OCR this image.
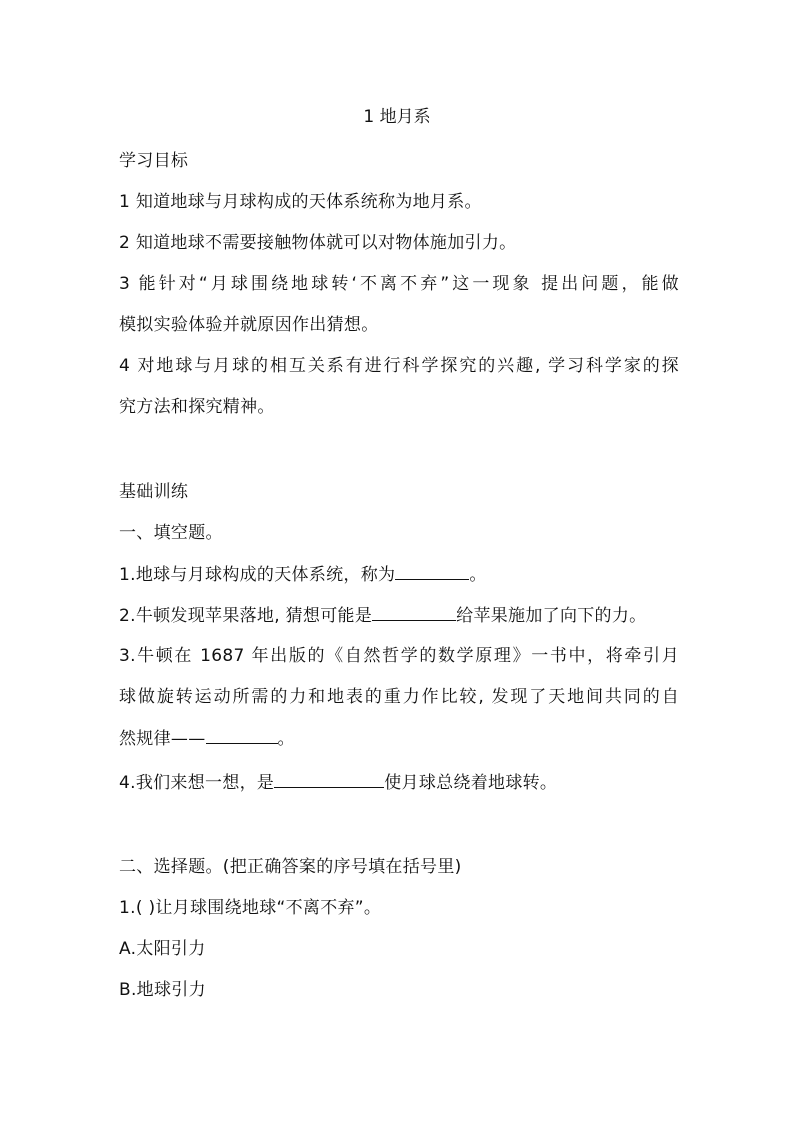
1 地月系
学习目标
1 知道地球与月球构成的天体系统称为地月系。
2 知道地球不需要接触物体就可以对物体施加引力。
3 能针对“月球围绕地球转‘不离不弃”这一现象 提出问题，能做
模拟实验体验并就原因作出猜想。
4 对地球与月球的相互关系有进行科学探究的兴趣, 学习科学家的探
究方法和探究精神。
基础训练
一、填空题。
1.地球与月球构成的天体系统，称为	。
2.牛顿发现苹果落地, 猜想可能是	给苹果施加了向下的力。
3.牛顿在 1687 年出版的《自然哲学的数学原理》一书中，将牵引月
球做旋转运动所需的力和地表的重力作比较, 发现了天地间共同的自
然规律——	。
4.我们来想一想，是	使月球总绕着地球转。
二、选择题。(把正确答案的序号填在括号里)
1.( )让月球围绕地球“不离不弃”。
A.太阳引力
B.地球引力
